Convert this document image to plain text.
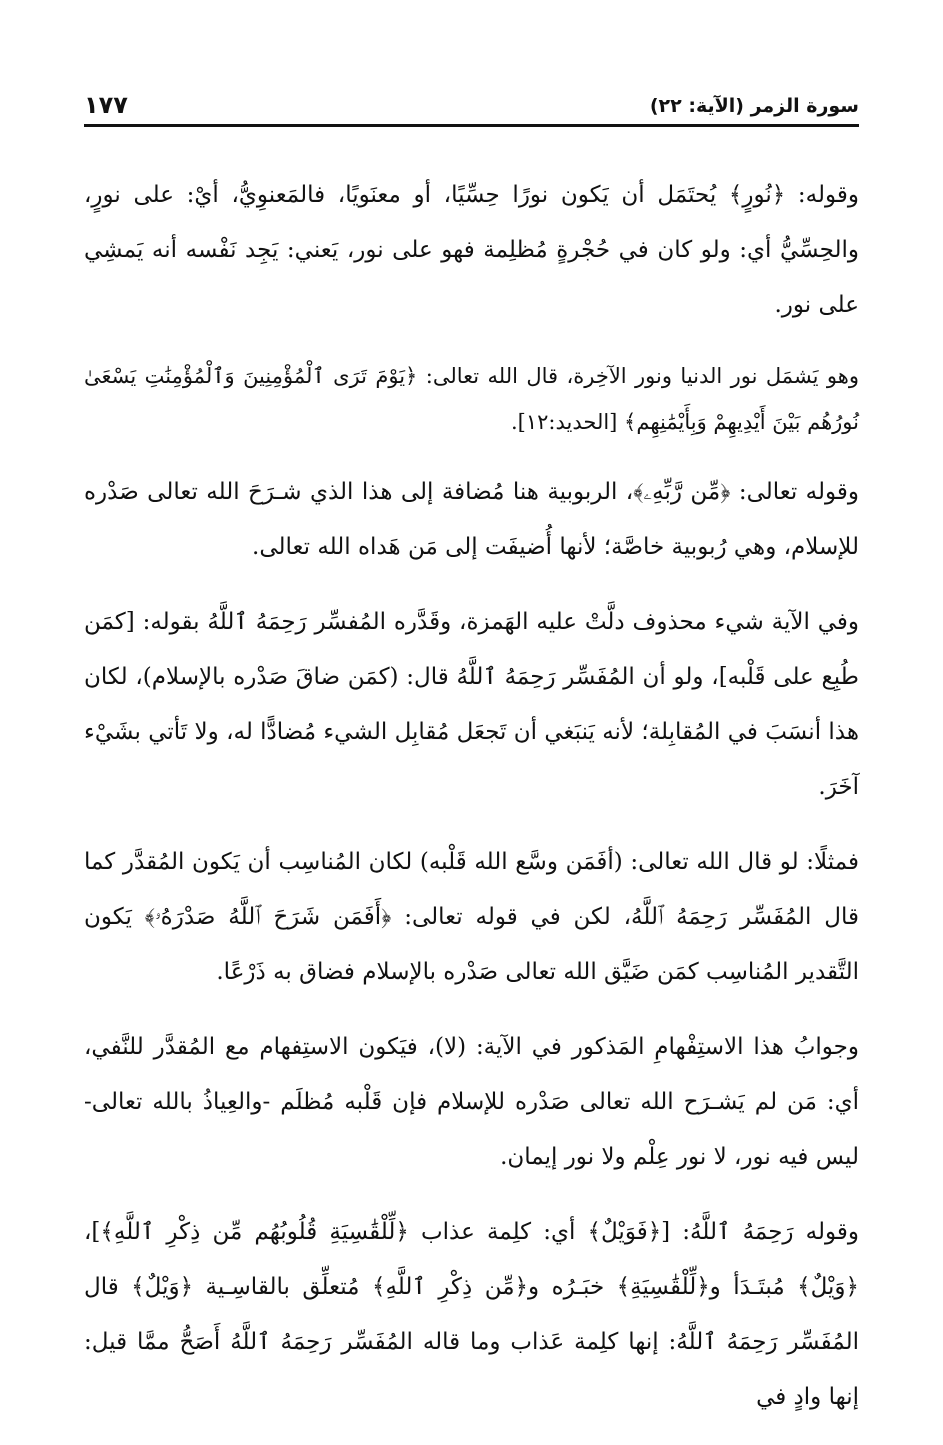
سورة الزمر (الآية: ٢٢)
١٧٧

وقوله: ﴿نُورٍ﴾ يُحتَمَل أن يَكون نورًا حِسِّيًا، أو معنَويًا، فالمَعنوِيُّ، أيْ: على نورٍ، والحِسِّيُّ أي: ولو كان في حُجْرةٍ مُظلِمة فهو على نور، يَعني: يَجِد نَفْسه أنه يَمشِي على نور.

وهو يَشمَل نور الدنيا ونور الآخِرة، قال الله تعالى: ﴿يَوْمَ تَرَى ٱلْمُؤْمِنِينَ وَٱلْمُؤْمِنَٰتِ يَسْعَىٰ نُورُهُم بَيْنَ أَيْدِيهِمْ وَبِأَيْمَٰنِهِم﴾ [الحديد:١٢].

وقوله تعالى: ﴿مِّن رَّبِّهِۦ﴾، الربوبية هنا مُضافة إلى هذا الذي شـرَحَ الله تعالى صَدْره للإسلام، وهي رُبوبية خاصَّة؛ لأنها أُضيفَت إلى مَن هَداه الله تعالى.

وفي الآية شيء محذوف دلَّتْ عليه الهَمزة، وقَدَّره المُفسِّر رَحِمَهُ ٱللَّهُ بقوله: [كمَن طُبِع على قَلْبه]، ولو أن المُفَسِّر رَحِمَهُ ٱللَّهُ قال: (كمَن ضاقَ صَدْره بالإسلام)، لكان هذا أنسَبَ في المُقابِلة؛ لأنه يَنبَغي أن تَجعَل مُقابِل الشيء مُضادًّا له، ولا تَأتي بشَيْء آخَرَ.

فمثلًا: لو قال الله تعالى: (أفَمَن وسَّع الله قَلْبه) لكان المُناسِب أن يَكون المُقدَّر كما قال المُفَسِّر رَحِمَهُ ٱللَّهُ، لكن في قوله تعالى: ﴿أَفَمَن شَرَحَ ٱللَّهُ صَدْرَهُۥ﴾ يَكون التَّقدير المُناسِب كمَن ضَيَّق الله تعالى صَدْره بالإسلام فضاق به ذَرْعًا.

وجوابُ هذا الاستِفْهامِ المَذكور في الآية: (لا)، فيَكون الاستِفهام مع المُقدَّر للنَّفي، أي: مَن لم يَشـرَح الله تعالى صَدْره للإسلام فإن قَلْبه مُظلَم -والعِياذُ بالله تعالى- ليس فيه نور، لا نور عِلْم ولا نور إيمان.

وقوله رَحِمَهُ ٱللَّهُ: [﴿فَوَيْلٌ﴾ أي: كلِمة عذاب ﴿لِّلْقَٰسِيَةِ قُلُوبُهُم مِّن ذِكْرِ ٱللَّهِ﴾]، ﴿وَيْلٌ﴾ مُبتَـدَأ و﴿لِّلْقَٰسِيَةِ﴾ خبَـرُه و﴿مِّن ذِكْرِ ٱللَّهِ﴾ مُتعلِّق بالقاسِـية ﴿وَيْلٌ﴾ قال المُفَسِّر رَحِمَهُ ٱللَّهُ: إنها كلِمة عَذاب وما قاله المُفَسِّر رَحِمَهُ ٱللَّهُ أَصَحُّ ممَّا قيل: إنها وادٍ في
